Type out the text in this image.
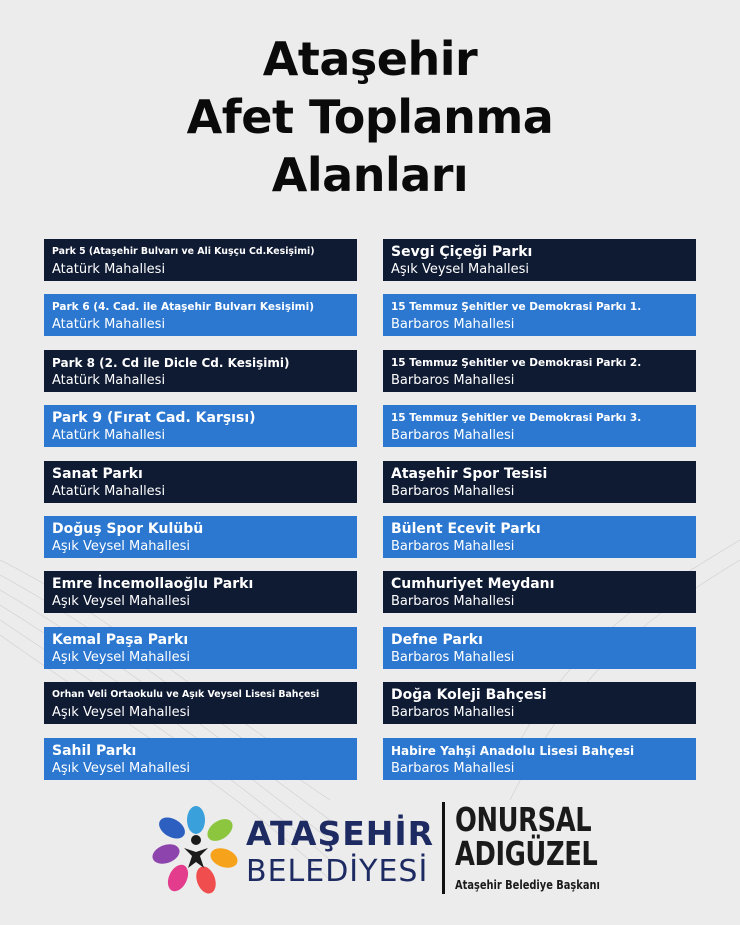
Ataşehir
Afet Toplanma
Alanları
Park 5 (Ataşehir Bulvarı ve Ali Kuşçu Cd.Kesişimi)
Atatürk Mahallesi
Park 6 (4. Cad. ile Ataşehir Bulvarı Kesişimi)
Atatürk Mahallesi
Park 8 (2. Cd ile Dicle Cd. Kesişimi)
Atatürk Mahallesi
Park 9 (Fırat Cad. Karşısı)
Atatürk Mahallesi
Sanat Parkı
Atatürk Mahallesi
Doğuş Spor Kulübü
Aşık Veysel Mahallesi
Emre İncemollaoğlu Parkı
Aşık Veysel Mahallesi
Kemal Paşa Parkı
Aşık Veysel Mahallesi
Orhan Veli Ortaokulu ve Aşık Veysel Lisesi Bahçesi
Aşık Veysel Mahallesi
Sahil Parkı
Aşık Veysel Mahallesi
Sevgi Çiçeği Parkı
Aşık Veysel Mahallesi
15 Temmuz Şehitler ve Demokrasi Parkı 1.
Barbaros Mahallesi
15 Temmuz Şehitler ve Demokrasi Parkı 2.
Barbaros Mahallesi
15 Temmuz Şehitler ve Demokrasi Parkı 3.
Barbaros Mahallesi
Ataşehir Spor Tesisi
Barbaros Mahallesi
Bülent Ecevit Parkı
Barbaros Mahallesi
Cumhuriyet Meydanı
Barbaros Mahallesi
Defne Parkı
Barbaros Mahallesi
Doğa Koleji Bahçesi
Barbaros Mahallesi
Habire Yahşi Anadolu Lisesi Bahçesi
Barbaros Mahallesi
ATAŞEHİR
BELEDİYESİ
ONURSAL
ADIGÜZEL
Ataşehir Belediye Başkanı
